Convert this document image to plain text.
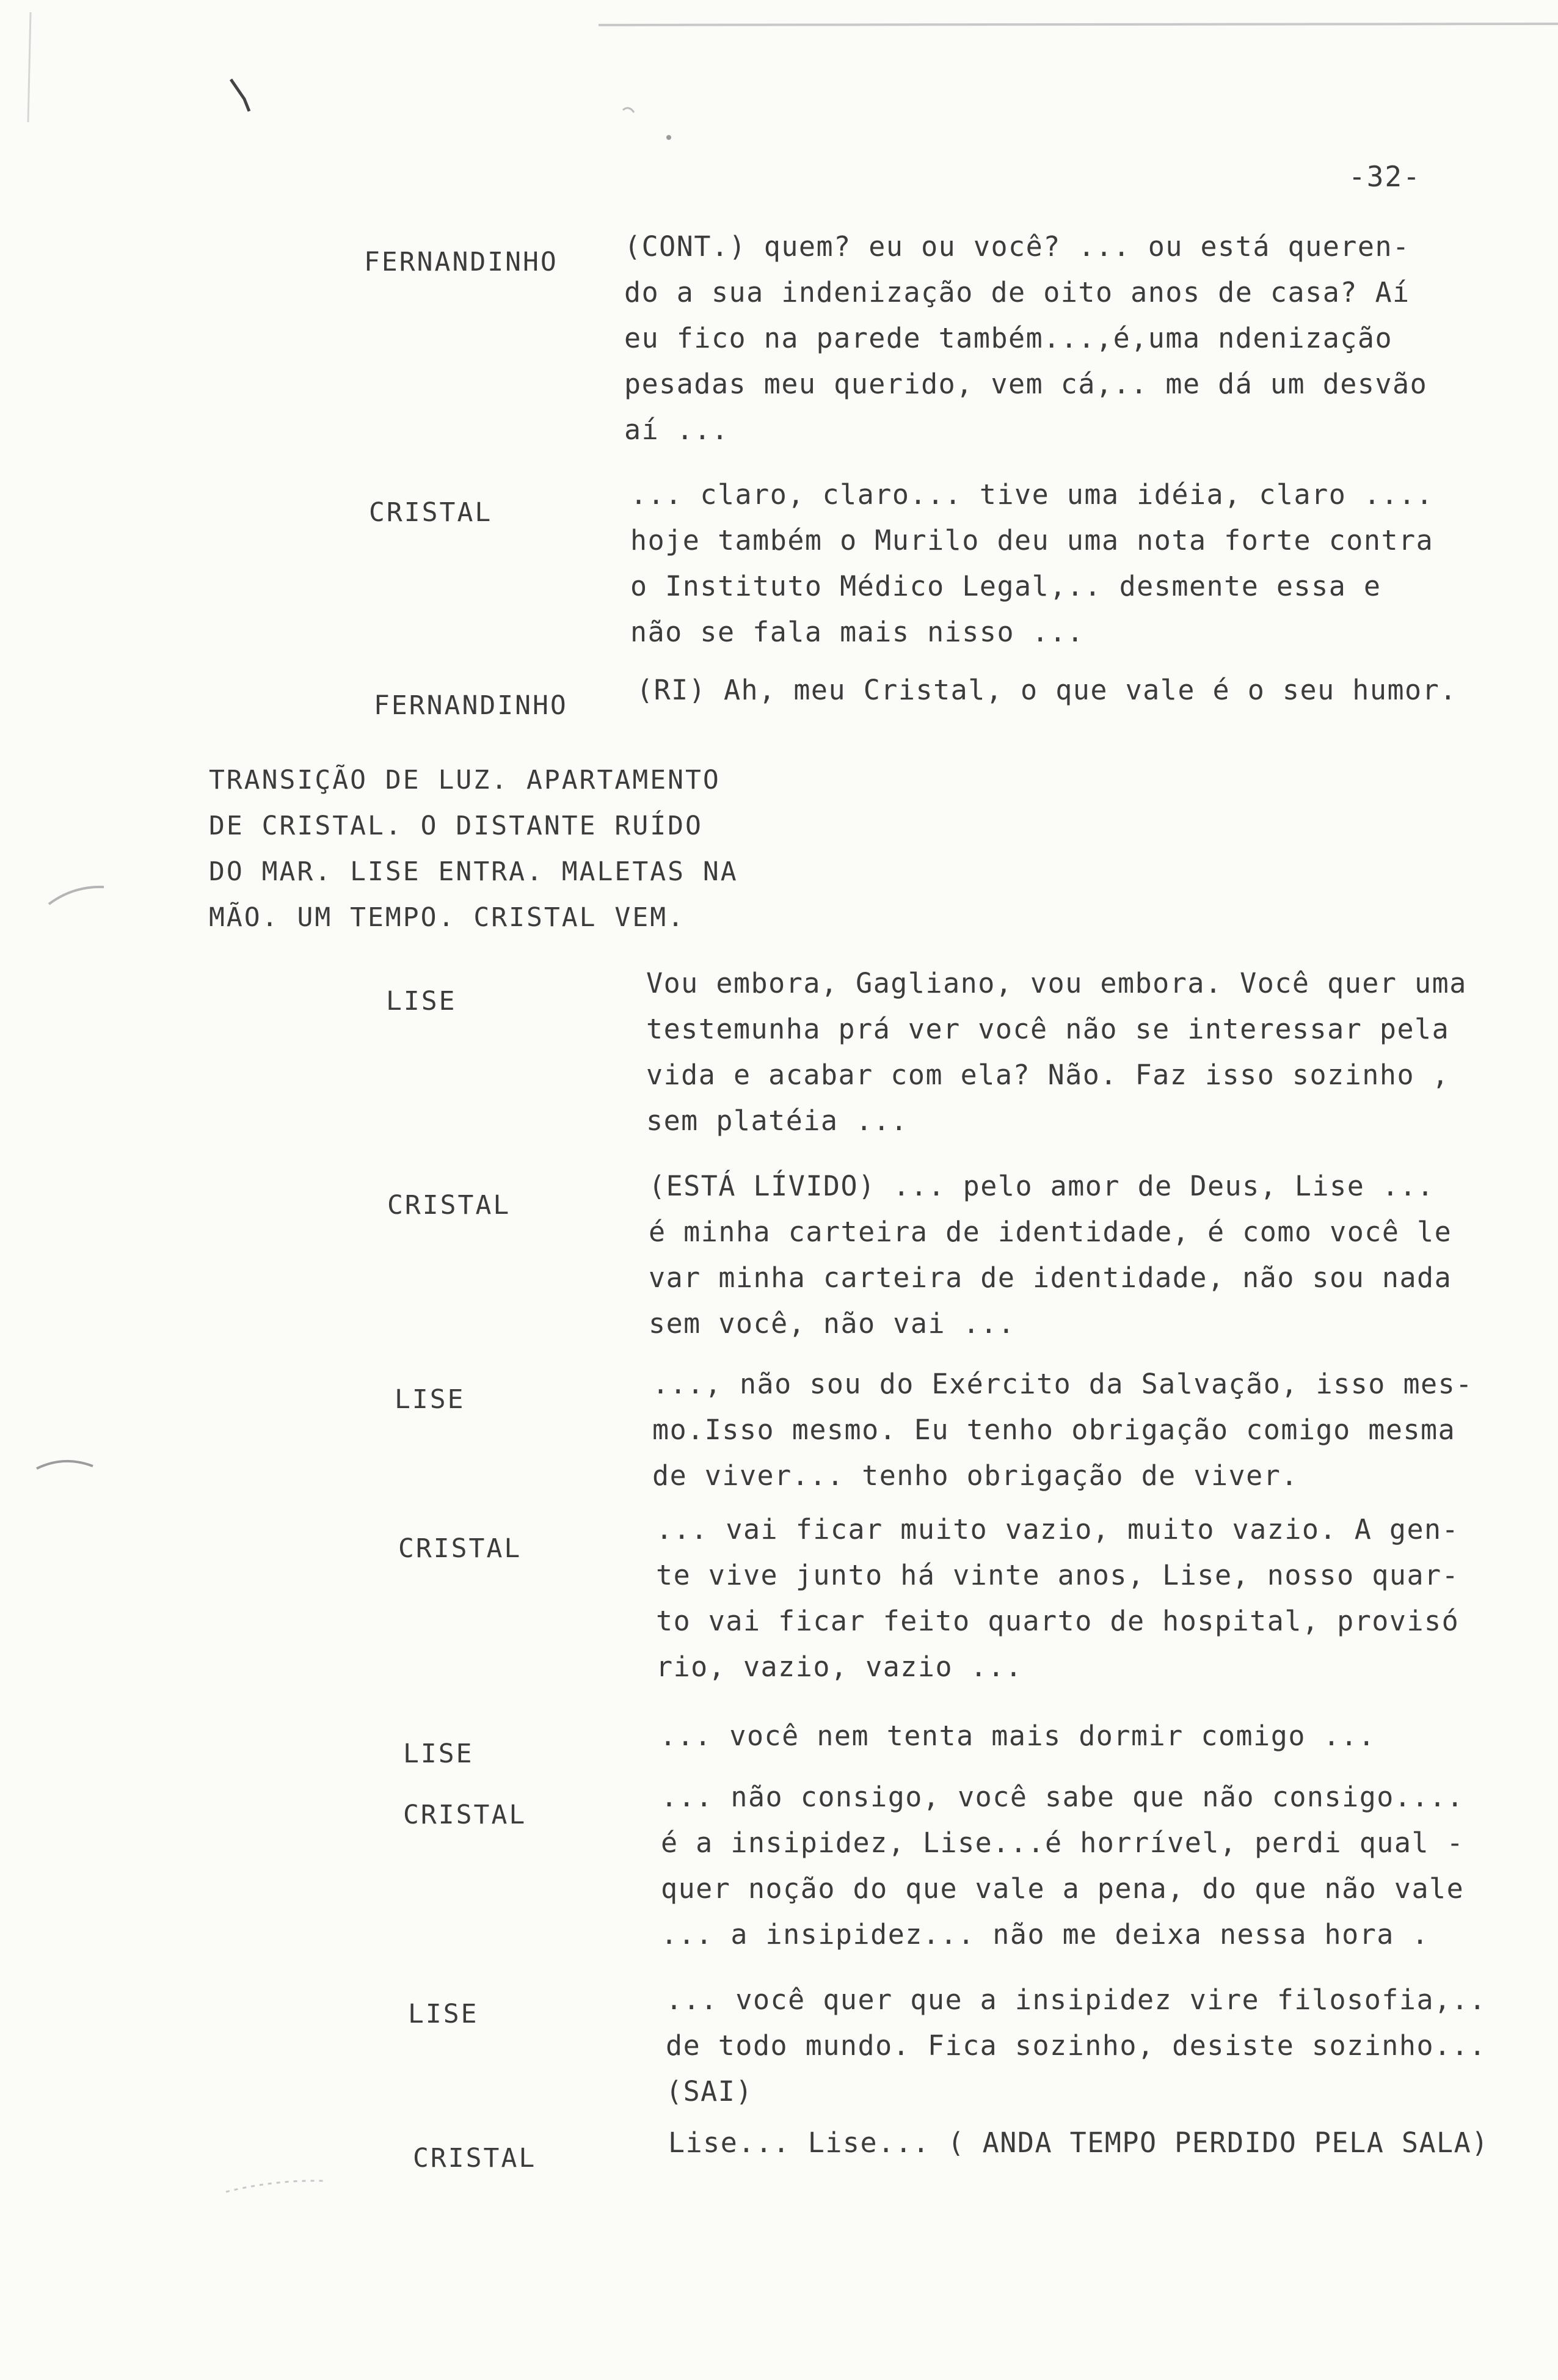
-32-
FERNANDINHO (CONT.) quem? eu ou você? ... ou está queren-
do a sua indenização de oito anos de casa? Aí
eu fico na parede também...,é,uma ndenização
pesadas meu querido, vem cá,.. me dá um desvão
aí ...
CRISTAL
... claro, claro... tive uma idéia, claro ....
hoje também o Murilo deu uma nota forte contra
o Instituto Médico Legal,.. desmente essa e
não se fala mais nisso ...
FERNANDINHO (RI) Ah, meu Cristal, o que vale é o seu humor.
TRANSIÇÃO DE LUZ. APARTAMENTO
DE CRISTAL. O DISTANTE RUÍDO
DO MAR. LISE ENTRA. MALETAS NA
MÃO. UM TEMPO. CRISTAL VEM.
LISE
Vou embora, Gagliano, vou embora. Você quer uma
testemunha prá ver você não se interessar pela
vida e acabar com ela? Não. Faz isso sozinho ,
sem platéia ...
CRISTAL
(ESTÁ LÍVIDO) ... pelo amor de Deus, Lise ...
é minha carteira de identidade, é como você le
var minha carteira de identidade, não sou nada
sem você, não vai ...
LISE	..., não sou do Exército da Salvação, isso mes-
mo.Isso mesmo. Eu tenho obrigação comigo mesma
de viver... tenho obrigação de viver.
CRISTAL
... vai ficar muito vazio, muito vazio. A gen-
te vive junto há vinte anos, Lise, nosso quar-
to vai ficar feito quarto de hospital, provisó
rio, vazio, vazio ...
LISE
... você nem tenta mais dormir comigo ...
CRISTAL
... não consigo, você sabe que não consigo....
é a insipidez, Lise...é horrível, perdi qual -
quer noção do que vale a pena, do que não vale
... a insipidez... não me deixa nessa hora .
LISE	... você quer que a insipidez vire filosofia,..
de todo mundo. Fica sozinho, desiste sozinho...
(SAI)
CRISTAL	Lise... Lise... ( ANDA TEMPO PERDIDO PELA SALA)
